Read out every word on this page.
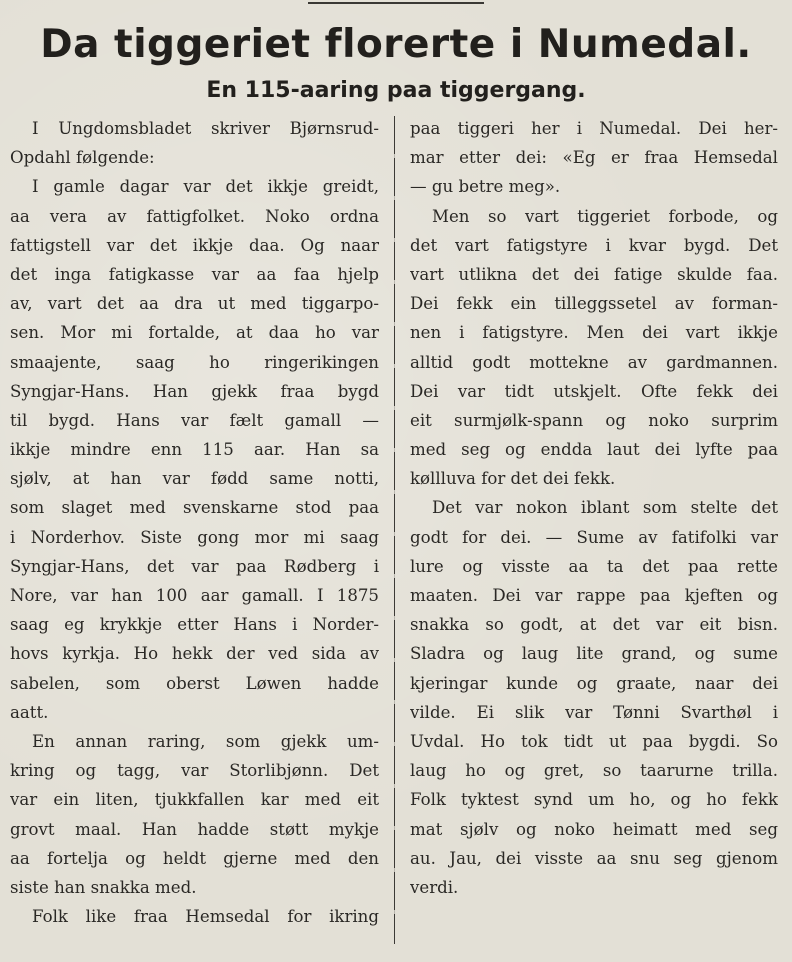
Da tiggeriet florerte i Numedal.
En 115-aaring paa tiggergang.
I Ungdomsbladet skriver Bjørnsrud-
Opdahl følgende:
I gamle dagar var det ikkje greidt,
aa vera av fattigfolket. Noko ordna
fattigstell var det ikkje daa. Og naar
det inga fatigkasse var aa faa hjelp
av, vart det aa dra ut med tiggarpo-
sen. Mor mi fortalde, at daa ho var
smaajente, saag ho ringerikingen
Syngjar-Hans. Han gjekk fraa bygd
til bygd. Hans var fælt gamall —
ikkje mindre enn 115 aar. Han sa
sjølv, at han var fødd same notti,
som slaget med svenskarne stod paa
i Norderhov. Siste gong mor mi saag
Syngjar-Hans, det var paa Rødberg i
Nore, var han 100 aar gamall. I 1875
saag eg krykkje etter Hans i Norder-
hovs kyrkja. Ho hekk der ved sida av
sabelen, som oberst Løwen hadde
aatt.
En annan raring, som gjekk um-
kring og tagg, var Storlibjønn. Det
var ein liten, tjukkfallen kar med eit
grovt maal. Han hadde støtt mykje
aa fortelja og heldt gjerne med den
siste han snakka med.
Folk like fraa Hemsedal for ikring
paa tiggeri her i Numedal. Dei her-
mar etter dei: «Eg er fraa Hemsedal
— gu betre meg».
Men so vart tiggeriet forbode, og
det vart fatigstyre i kvar bygd. Det
vart utlikna det dei fatige skulde faa.
Dei fekk ein tilleggssetel av forman-
nen i fatigstyre. Men dei vart ikkje
alltid godt mottekne av gardmannen.
Dei var tidt utskjelt. Ofte fekk dei
eit surmjølk-spann og noko surprim
med seg og endda laut dei lyfte paa
køllluva for det dei fekk.
Det var nokon iblant som stelte det
godt for dei. — Sume av fatifolki var
lure og visste aa ta det paa rette
maaten. Dei var rappe paa kjeften og
snakka so godt, at det var eit bisn.
Sladra og laug lite grand, og sume
kjeringar kunde og graate, naar dei
vilde. Ei slik var Tønni Svarthøl i
Uvdal. Ho tok tidt ut paa bygdi. So
laug ho og gret, so taarurne trilla.
Folk tyktest synd um ho, og ho fekk
mat sjølv og noko heimatt med seg
au. Jau, dei visste aa snu seg gjenom
verdi.
